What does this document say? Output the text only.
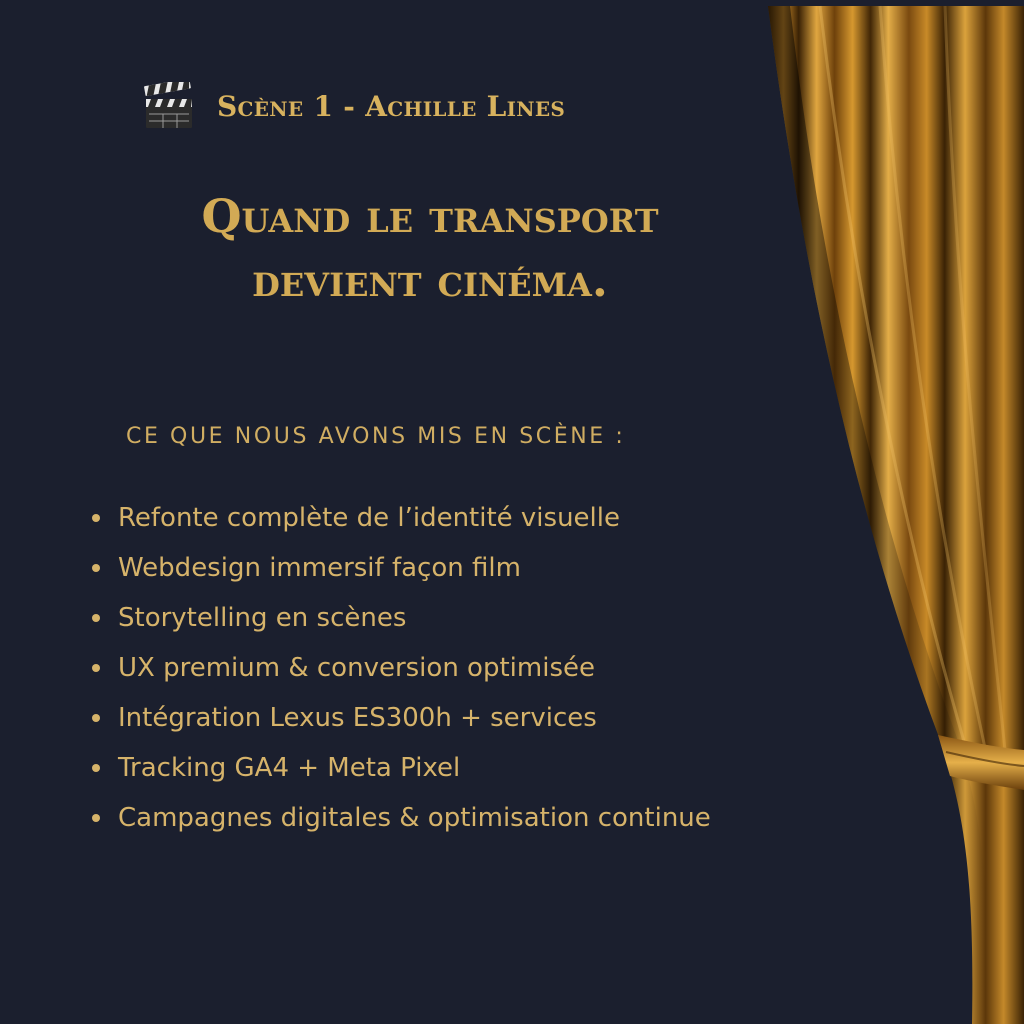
Scène 1 - Achille Lines
Quand le transport
devient cinéma.
CE QUE NOUS AVONS MIS EN SCÈNE :
Refonte complète de l’identité visuelle
Webdesign immersif façon film
Storytelling en scènes
UX premium & conversion optimisée
Intégration Lexus ES300h + services
Tracking GA4 + Meta Pixel
Campagnes digitales & optimisation continue
